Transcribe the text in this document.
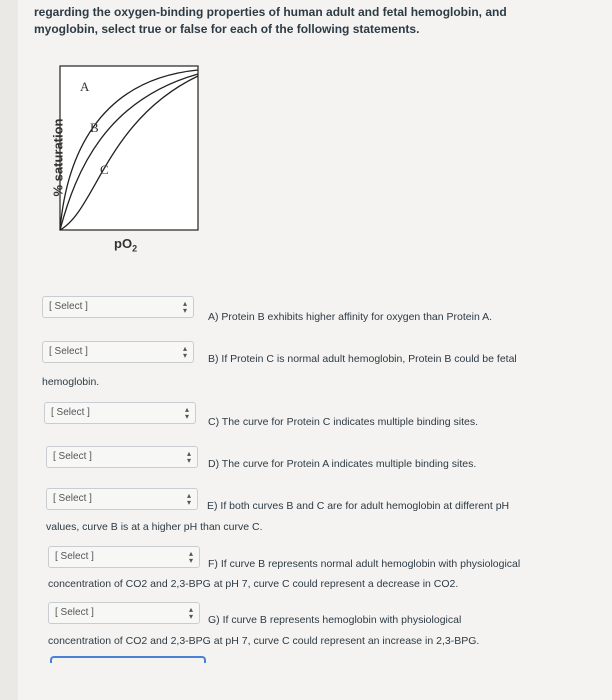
regarding the oxygen-binding properties of human adult and fetal hemoglobin, and myoglobin, select true or false for each of the following statements.
A
B
C
% saturation
$pO_2$
[ Select ]	▴
▾
A) Protein B exhibits higher affinity for oxygen than Protein A.
[ Select ]	▴
▾ B) If Protein C is normal adult hemoglobin, Protein B could be fetal
hemoglobin.
[ Select ]	▴
▾ C) The curve for Protein C indicates multiple binding sites.
[ Select ]	▴
▾ D) The curve for Protein A indicates multiple binding sites.
[ Select ]	▴
▾ E) If both curves B and C are for adult hemoglobin at different pH
values, curve B is at a higher pH than curve C.
[ Select ]	▴
▾ F) If curve B represents normal adult hemoglobin with physiological
concentration of CO2 and 2,3-BPG at pH 7, curve C could represent a decrease in CO2.
[ Select ]	▴
▾ G) If curve B represents hemoglobin with physiological
concentration of CO2 and 2,3-BPG at pH 7, curve C could represent an increase in 2,3-BPG.
